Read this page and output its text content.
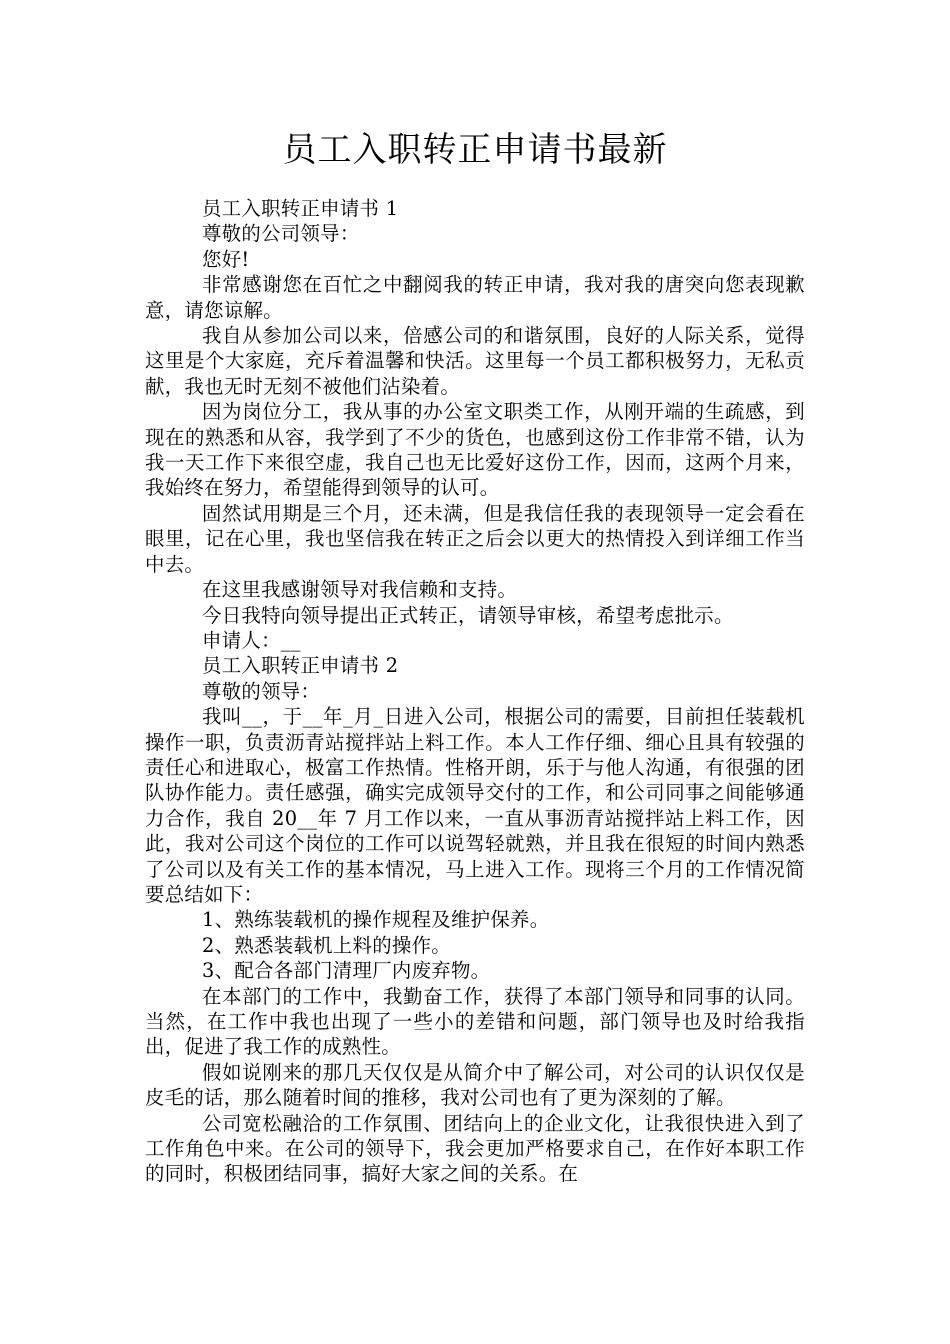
员工入职转正申请书最新

员工入职转正申请书 1

尊敬的公司领导：

您好!

非常感谢您在百忙之中翻阅我的转正申请，我对我的唐突向您表现歉意，请您谅解。

我自从参加公司以来，倍感公司的和谐氛围，良好的人际关系，觉得这里是个大家庭，充斥着温馨和快活。这里每一个员工都积极努力，无私贡献，我也无时无刻不被他们沾染着。

因为岗位分工，我从事的办公室文职类工作，从刚开端的生疏感，到现在的熟悉和从容，我学到了不少的货色，也感到这份工作非常不错，认为我一天工作下来很空虚，我自己也无比爱好这份工作，因而，这两个月来，我始终在努力，希望能得到领导的认可。

固然试用期是三个月，还未满，但是我信任我的表现领导一定会看在眼里，记在心里，我也坚信我在转正之后会以更大的热情投入到详细工作当中去。

在这里我感谢领导对我信赖和支持。

今日我特向领导提出正式转正，请领导审核，希望考虑批示。

申请人：__

员工入职转正申请书 2

尊敬的领导：

我叫__，于__年_月_日进入公司，根据公司的需要，目前担任装载机操作一职，负责沥青站搅拌站上料工作。本人工作仔细、细心且具有较强的责任心和进取心，极富工作热情。性格开朗，乐于与他人沟通，有很强的团队协作能力。责任感强，确实完成领导交付的工作，和公司同事之间能够通力合作，我自 20__年 7 月工作以来，一直从事沥青站搅拌站上料工作，因此，我对公司这个岗位的工作可以说驾轻就熟，并且我在很短的时间内熟悉了公司以及有关工作的基本情况，马上进入工作。现将三个月的工作情况简要总结如下：

1、熟练装载机的操作规程及维护保养。

2、熟悉装载机上料的操作。

3、配合各部门清理厂内废弃物。

在本部门的工作中，我勤奋工作，获得了本部门领导和同事的认同。当然，在工作中我也出现了一些小的差错和问题，部门领导也及时给我指出，促进了我工作的成熟性。

假如说刚来的那几天仅仅是从简介中了解公司，对公司的认识仅仅是皮毛的话，那么随着时间的推移，我对公司也有了更为深刻的了解。

公司宽松融洽的工作氛围、团结向上的企业文化，让我很快进入到了工作角色中来。在公司的领导下，我会更加严格要求自己，在作好本职工作的同时，积极团结同事，搞好大家之间的关系。在
